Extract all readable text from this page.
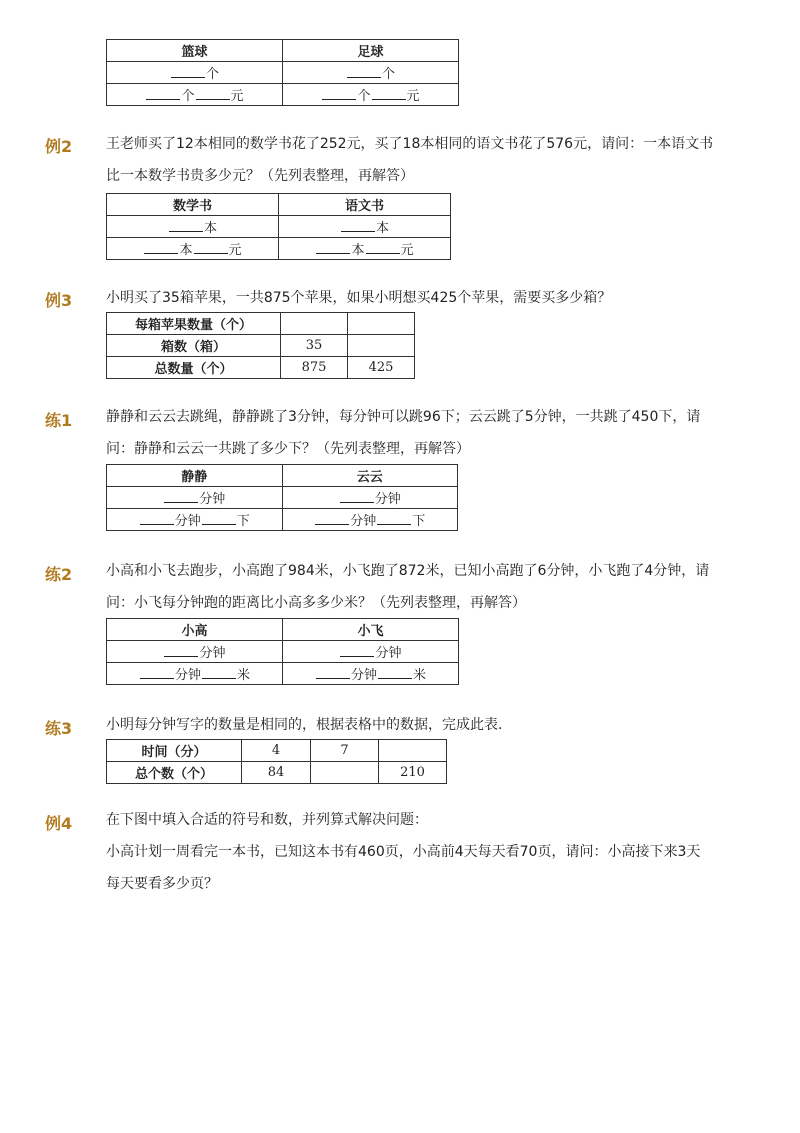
篮球	足球
个	个
个 元	个 元
例2 王老师买了12本相同的数学书花了252元，买了18本相同的语文书花了576元，请问：一本语文书
比一本数学书贵多少元？（先列表整理，再解答）

数学书	语文书
本	本
本 元	本 元
例3 小明买了35箱苹果，一共875个苹果，如果小明想买425个苹果，需要买多少箱？

每箱苹果数量（个）		
箱数（箱）	35	
总数量（个）	875	425
练1 静静和云云去跳绳，静静跳了3分钟，每分钟可以跳96下；云云跳了5分钟，一共跳了450下，请
问：静静和云云一共跳了多少下？（先列表整理，再解答）

静静	云云
分钟	分钟
分钟 下	分钟 下
练2 小高和小飞去跑步，小高跑了984米，小飞跑了872米，已知小高跑了6分钟，小飞跑了4分钟，请
问：小飞每分钟跑的距离比小高多多少米？（先列表整理，再解答）

小高	小飞
分钟	分钟
分钟 米	分钟 米
练3 小明每分钟写字的数量是相同的，根据表格中的数据，完成此表.

时间（分）	4	7	
总个数（个）	84		210
例4 在下图中填入合适的符号和数，并列算式解决问题：
小高计划一周看完一本书，已知这本书有460页，小高前4天每天看70页，请问：小高接下来3天
每天要看多少页？
